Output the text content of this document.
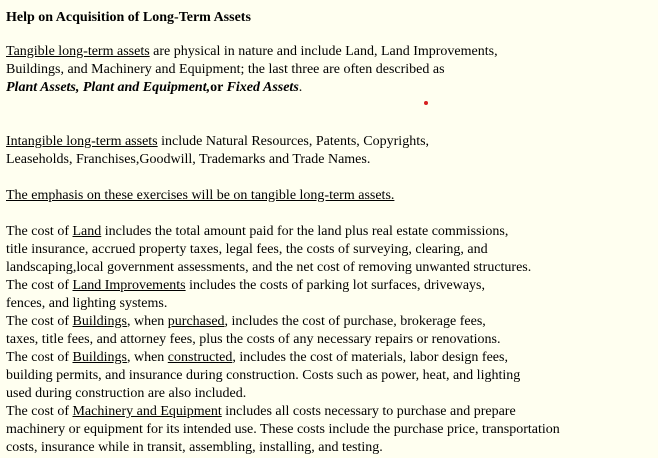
Help on Acquisition of Long-Term Assets

Tangible long-term assets are physical in nature and include Land, Land Improvements,
Buildings, and Machinery and Equipment; the last three are often described as
Plant Assets, Plant and Equipment,or Fixed Assets.

Intangible long-term assets include Natural Resources, Patents, Copyrights,
Leaseholds, Franchises,Goodwill, Trademarks and Trade Names.

The emphasis on these exercises will be on tangible long-term assets.

The cost of Land includes the total amount paid for the land plus real estate commissions,
title insurance, accrued property taxes, legal fees, the costs of surveying, clearing, and
landscaping,local government assessments, and the net cost of removing unwanted structures.

The cost of Land Improvements includes the costs of parking lot surfaces, driveways,
fences, and lighting systems.

The cost of Buildings, when purchased, includes the cost of purchase, brokerage fees,
taxes, title fees, and attorney fees, plus the costs of any necessary repairs or renovations.

The cost of Buildings, when constructed, includes the cost of materials, labor design fees,
building permits, and insurance during construction. Costs such as power, heat, and lighting
used during construction are also included.

The cost of Machinery and Equipment includes all costs necessary to purchase and prepare
machinery or equipment for its intended use. These costs include the purchase price, transportation
costs, insurance while in transit, assembling, installing, and testing.
